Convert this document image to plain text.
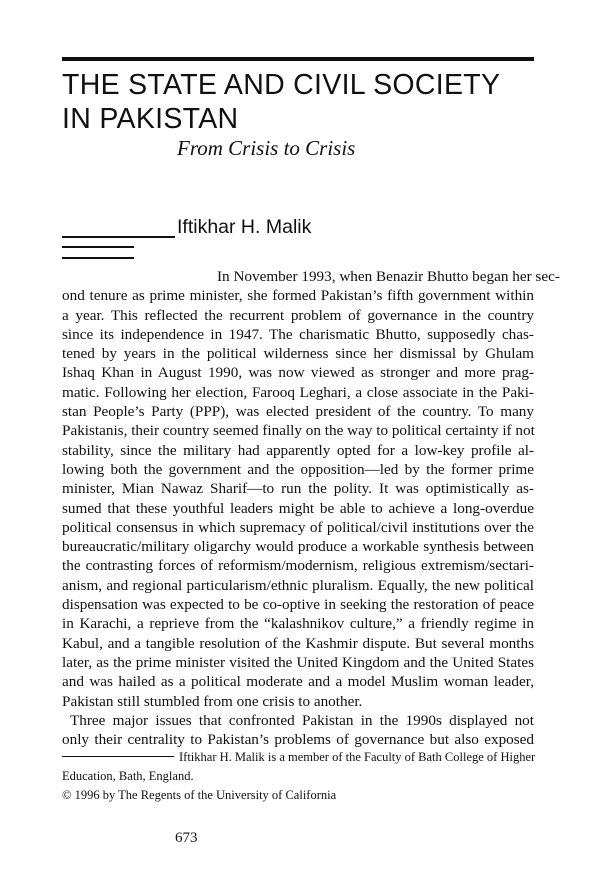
THE STATE AND CIVIL SOCIETY
IN PAKISTAN
From Crisis to Crisis
Iftikhar H. Malik
In November 1993, when Benazir Bhutto began her sec-
ond tenure as prime minister, she formed Pakistan’s fifth government within
a year. This reflected the recurrent problem of governance in the country
since its independence in 1947. The charismatic Bhutto, supposedly chas-
tened by years in the political wilderness since her dismissal by Ghulam
Ishaq Khan in August 1990, was now viewed as stronger and more prag-
matic. Following her election, Farooq Leghari, a close associate in the Paki-
stan People’s Party (PPP), was elected president of the country. To many
Pakistanis, their country seemed finally on the way to political certainty if not
stability, since the military had apparently opted for a low-key profile al-
lowing both the government and the opposition—led by the former prime
minister, Mian Nawaz Sharif—to run the polity. It was optimistically as-
sumed that these youthful leaders might be able to achieve a long-overdue
political consensus in which supremacy of political/civil institutions over the
bureaucratic/military oligarchy would produce a workable synthesis between
the contrasting forces of reformism/modernism, religious extremism/sectari-
anism, and regional particularism/ethnic pluralism. Equally, the new political
dispensation was expected to be co-optive in seeking the restoration of peace
in Karachi, a reprieve from the “kalashnikov culture,” a friendly regime in
Kabul, and a tangible resolution of the Kashmir dispute. But several months
later, as the prime minister visited the United Kingdom and the United States
and was hailed as a political moderate and a model Muslim woman leader,
Pakistan still stumbled from one crisis to another.
Three major issues that confronted Pakistan in the 1990s displayed not
only their centrality to Pakistan’s problems of governance but also exposed
Iftikhar H. Malik is a member of the Faculty of Bath College of Higher
Education, Bath, England.
© 1996 by The Regents of the University of California
673
